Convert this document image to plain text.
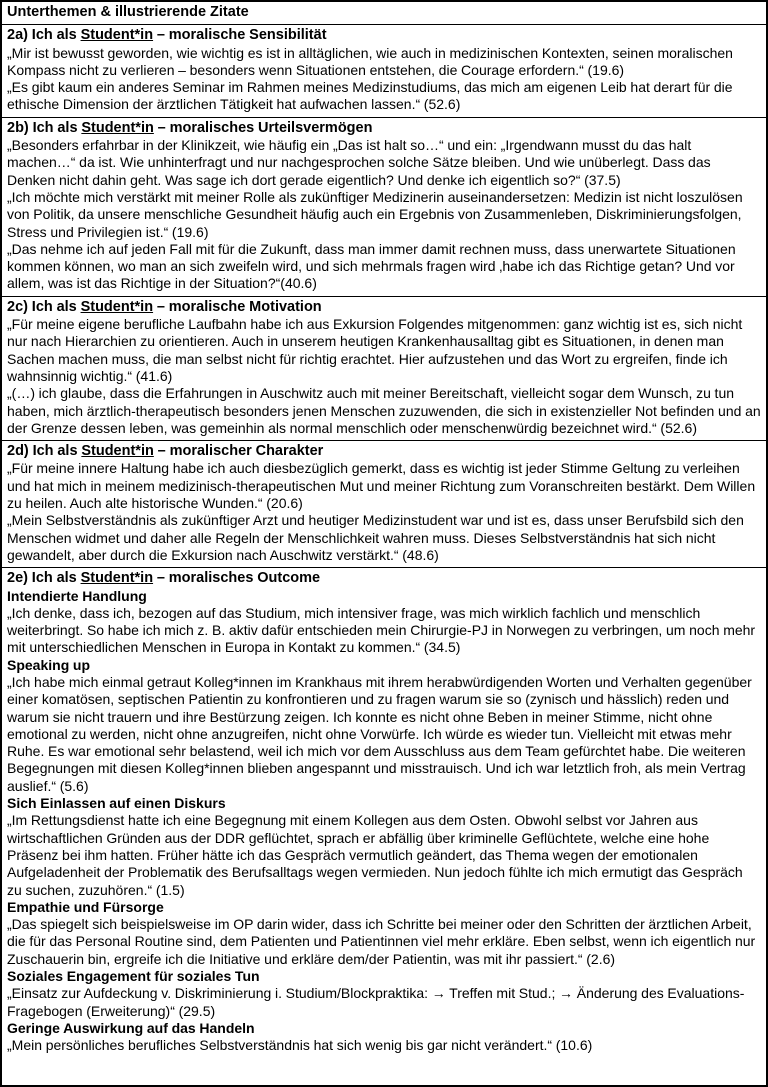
Unterthemen & illustrierende Zitate
2a) Ich als Student*in – moralische Sensibilität
„Mir ist bewusst geworden, wie wichtig es ist in alltäglichen, wie auch in medizinischen Kontexten, seinen moralischen Kompass nicht zu verlieren – besonders wenn Situationen entstehen, die Courage erfordern.“ (19.6)
„Es gibt kaum ein anderes Seminar im Rahmen meines Medizinstudiums, das mich am eigenen Leib hat derart für die ethische Dimension der ärztlichen Tätigkeit hat aufwachen lassen.“ (52.6)
2b) Ich als Student*in – moralisches Urteilsvermögen
„Besonders erfahrbar in der Klinikzeit, wie häufig ein „Das ist halt so…“ und ein: „Irgendwann musst du das halt machen…“ da ist. Wie unhinterfragt und nur nachgesprochen solche Sätze bleiben. Und wie unüberlegt. Dass das Denken nicht dahin geht. Was sage ich dort gerade eigentlich? Und denke ich eigentlich so?“ (37.5)
„Ich möchte mich verstärkt mit meiner Rolle als zukünftiger Medizinerin auseinandersetzen: Medizin ist nicht loszulösen von Politik, da unsere menschliche Gesundheit häufig auch ein Ergebnis von Zusammenleben, Diskriminierungsfolgen, Stress und Privilegien ist.“ (19.6)
„Das nehme ich auf jeden Fall mit für die Zukunft, dass man immer damit rechnen muss, dass unerwartete Situationen kommen können, wo man an sich zweifeln wird, und sich mehrmals fragen wird ‚habe ich das Richtige getan? Und vor allem, was ist das Richtige in der Situation?“(40.6)
2c) Ich als Student*in – moralische Motivation
„Für meine eigene berufliche Laufbahn habe ich aus Exkursion Folgendes mitgenommen: ganz wichtig ist es, sich nicht nur nach Hierarchien zu orientieren. Auch in unserem heutigen Krankenhausalltag gibt es Situationen, in denen man Sachen machen muss, die man selbst nicht für richtig erachtet. Hier aufzustehen und das Wort zu ergreifen, finde ich wahnsinnig wichtig.“ (41.6)
„(…) ich glaube, dass die Erfahrungen in Auschwitz auch mit meiner Bereitschaft, vielleicht sogar dem Wunsch, zu tun haben, mich ärztlich-therapeutisch besonders jenen Menschen zuzuwenden, die sich in existenzieller Not befinden und an der Grenze dessen leben, was gemeinhin als normal menschlich oder menschenwürdig bezeichnet wird.“ (52.6)
2d) Ich als Student*in – moralischer Charakter
„Für meine innere Haltung habe ich auch diesbezüglich gemerkt, dass es wichtig ist jeder Stimme Geltung zu verleihen und hat mich in meinem medizinisch-therapeutischen Mut und meiner Richtung zum Voranschreiten bestärkt. Dem Willen zu heilen. Auch alte historische Wunden.“ (20.6)
„Mein Selbstverständnis als zukünftiger Arzt und heutiger Medizinstudent war und ist es, dass unser Berufsbild sich den Menschen widmet und daher alle Regeln der Menschlichkeit wahren muss. Dieses Selbstverständnis hat sich nicht gewandelt, aber durch die Exkursion nach Auschwitz verstärkt.“ (48.6)
2e) Ich als Student*in – moralisches Outcome
Intendierte Handlung
„Ich denke, dass ich, bezogen auf das Studium, mich intensiver frage, was mich wirklich fachlich und menschlich weiterbringt. So habe ich mich z. B. aktiv dafür entschieden mein Chirurgie-PJ in Norwegen zu verbringen, um noch mehr mit unterschiedlichen Menschen in Europa in Kontakt zu kommen.“ (34.5)
Speaking up
„Ich habe mich einmal getraut Kolleg*innen im Krankhaus mit ihrem herabwürdigenden Worten und Verhalten gegenüber einer komatösen, septischen Patientin zu konfrontieren und zu fragen warum sie so (zynisch und hässlich) reden und warum sie nicht trauern und ihre Bestürzung zeigen. Ich konnte es nicht ohne Beben in meiner Stimme, nicht ohne emotional zu werden, nicht ohne anzugreifen, nicht ohne Vorwürfe. Ich würde es wieder tun. Vielleicht mit etwas mehr Ruhe. Es war emotional sehr belastend, weil ich mich vor dem Ausschluss aus dem Team gefürchtet habe. Die weiteren Begegnungen mit diesen Kolleg*innen blieben angespannt und misstrauisch. Und ich war letztlich froh, als mein Vertrag auslief.“ (5.6)
Sich Einlassen auf einen Diskurs
„Im Rettungsdienst hatte ich eine Begegnung mit einem Kollegen aus dem Osten. Obwohl selbst vor Jahren aus wirtschaftlichen Gründen aus der DDR geflüchtet, sprach er abfällig über kriminelle Geflüchtete, welche eine hohe Präsenz bei ihm hatten. Früher hätte ich das Gespräch vermutlich geändert, das Thema wegen der emotionalen Aufgeladenheit der Problematik des Berufsalltags wegen vermieden. Nun jedoch fühlte ich mich ermutigt das Gespräch zu suchen, zuzuhören.“ (1.5)
Empathie und Fürsorge
„Das spiegelt sich beispielsweise im OP darin wider, dass ich Schritte bei meiner oder den Schritten der ärztlichen Arbeit, die für das Personal Routine sind, dem Patienten und Patientinnen viel mehr erkläre. Eben selbst, wenn ich eigentlich nur Zuschauerin bin, ergreife ich die Initiative und erkläre dem/der Patientin, was mit ihr passiert.“ (2.6)
Soziales Engagement für soziales Tun
„Einsatz zur Aufdeckung v. Diskriminierung i. Studium/Blockpraktika: → Treffen mit Stud.; → Änderung des Evaluations-Fragebogen (Erweiterung)“ (29.5)
Geringe Auswirkung auf das Handeln
„Mein persönliches berufliches Selbstverständnis hat sich wenig bis gar nicht verändert.“ (10.6)
